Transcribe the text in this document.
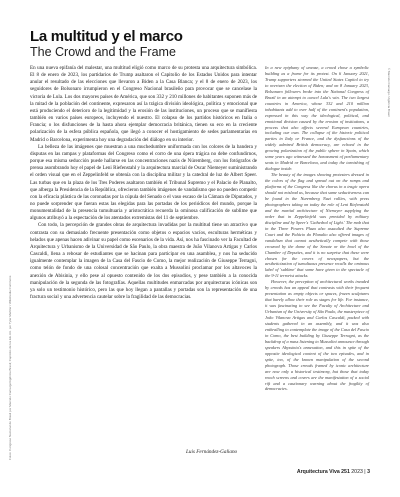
La multitud y el marco
The Crowd and the Frame

En una nueva epifanía del malestar, una multitud eligió como marco de su protesta una arquitectura simbólica. El 8 de enero de 2023, los partidarios de Trump asaltaron el Capitolio de los Estados Unidos para intentar anular el resultado de las elecciones que llevaron a Biden a la Casa Blanca; y el 8 de enero de 2023, los seguidores de Bolsonaro irrumpieron en el Congreso Nacional brasileño para provocar que se cancelase la victoria de Lula. Los dos mayores países de América, que son 332 y 210 millones de habitantes suponen más de la mitad de la población del continente, expresaron así la trágica división ideológica, política y emocional que está produciendo el deterioro de la legitimidad y la erosión de las instituciones, un proceso que se manifiesta también en varios países europeos, incluyendo el nuestro. El colapso de los partidos históricos en Italia o Francia; o los disfunciones de la hasta ahora ejemplar democracia británica, tienen su eco en la creciente polarización de la esfera pública española, que ilegó a conocer el hostigamiento de sedes parlamentarias en Madrid o Barcelona, experimenta hoy una degradación del diálogo en su interior.

La belleza de las imágenes que muestran a una muchedumbre uniformada con los colores de la bandera y disputas en las rampas y plataformas del Congreso como el corro de una ópera trágica no debe confundirnos, porque esa misma seducción puede hallarse en las concentraciones nazis de Núremberg, con los fotógrafos de prensa asombrando hoy el papel de Leni Riefenstahl y la arquitectura marcial de Oscar Niemeyer suministrando el orden visual que en el Zeppelinfeld se obtenía con la disciplina militar y la catedral de luz de Albert Speer. Las turbas que en la plaza de los Tres Poderes asaltaron también el Tribunal Supremo y el Palacio de Planalto, que alberga la Presidencia de la República, ofrecieron también imágenes de vandalismo que no pueden competir con la eficacia plástica de las coronadas por la cúpula del Senado o el vaso escaso de la Cámara de Diputados, y no puede sorprender que fueran estas las elegidas para las portadas de los periódicos del mundo, porque la monumentalidad de la presencia tumultuaria y aristocrática recuerda la ominosa calificación de sublime que algunos atribuyó a la espectación de los atentados extremistas del 11 de septiembre.

Con todo, la percepción de grandes obras de arquitectura invadidas por la multitud tiene un atractivo que contrasta con su demasiado frecuente presentación como objetos o espacios vacíos, esculturas herméticas y helados que apenas hacen adivinar su papel como escenarios de la vida. Así, nos ha fascinado ver la Facultad de Arquitectura y Urbanismo de la Universidad de São Paulo, la obra maestra de João Vilanova Artigas y Carlos Cascaldi, llena a rebosar de estudiantes que se hacinan para participar en una asamblea, y nos ha seducido igualmente contemplar la imagen de la Casa del Fascio de Como, la mejor realización de Giuseppe Terragni, como telón de fondo de una colosal concentración que exalta a Mussolini proclamar por los altavoces la anexión de Abisinia, y ello pese al opuesto contenido de los dos episodios, y pese también a la conocida manipulación de la segunda de las fotografías. Aquellas multitudes enmarcadas por arquitecturas icónicas son ya solo un testimonio histórico, pero las que hoy llegan a pantallas y portadas son la representación de una fractura social y una advertencia cautelar sobre la fragilidad de las democracias.

Luis Fernández-Galiano

In a new epiphany of unease, a crowd chose a symbolic building as a frame for its protest. On 6 January 2021, Trump supporters stormed the United States Capitol to try to overturn the election of Biden; and on 8 January 2023, Bolsonaro followers broke into the National Congress of Brazil in an attempt to cancel Lula's win. The two largest countries in America, whose 332 and 210 million inhabitants add to over half of the continent's population, expressed in this way the ideological, political, and emotional division caused by the erosion of institutions, a process that also affects several European countries, including our own. The collapse of the historic political parties in Italy or France, and the dysfunctions of the widely admired British democracy, are echoed in the growing polarization of the public sphere in Spain, which some years ago witnessed the harassment of parliamentary seats in Madrid or Barcelona, and today the tarnishing of dialogue inside.

The beauty of the images showing protesters dressed in the colors of the flag and spread out on the ramps and platforms of the Congress like the chorus in a tragic opera should not mislead us, because that same seductiveness can be found in the Nuremberg Nazi rallies, with press photographers taking on today the role of Leni Riefenstahl and the martial architecture of Niemeyer supplying the order that in Zeppelinfeld was provided by military discipline and by Speer's 'Cathedral of Light.' The mob that in the Three Powers Plaza also assaulted the Supreme Court and the Palácio do Planalto also offered images of vandalism that cannot aesthetically compete with those crowned by the dome of the Senate or the bowl of the Chamber of Deputies, and it is no surprise that these were chosen for the covers of newspapers, but the aestheticization of tumultuous presence recalls the ominous label of 'sublime' that some have given to the spectacle of the 9-11 terrorist attacks.

However, the perception of architectural works invaded by crowds has an appeal that contrasts with their frequent presentation as empty objects or spaces, frozen sculptures that barely allow their role as stages for life. For instance, it was fascinating to see the Faculty of Architecture and Urbanism of the University of São Paulo, the masterpiece of João Vilanova Artigas and Carlos Cascaldi, packed with students gathered in an assembly, and it was also enthralling to contemplate the image of the Casa del Fascio in Como, the best building by Giuseppe Terragni, as the backdrop of a mass listening to Mussolini announce through speakers Abyssinia's annexation, and this in spite of the opposite ideological content of the two episodes, and in spite, too, of the known manipulation of the second photograph. Those crowds framed by iconic architecture are now only a historical testimony, but those that today reach screens and covers are the manifestation of a social rift and a cautionary warning about the fragility of democracies.

Fotos: Congreso Nacional de Brasil por Marcelo Camargo/Agência Brasil; Capitolio de los EE.UU. por Tyler Merbler / Wikimedia Commons
© Marcelo Camargo / Agência Brasil
Arquitectura Viva 251 2023 | 3
